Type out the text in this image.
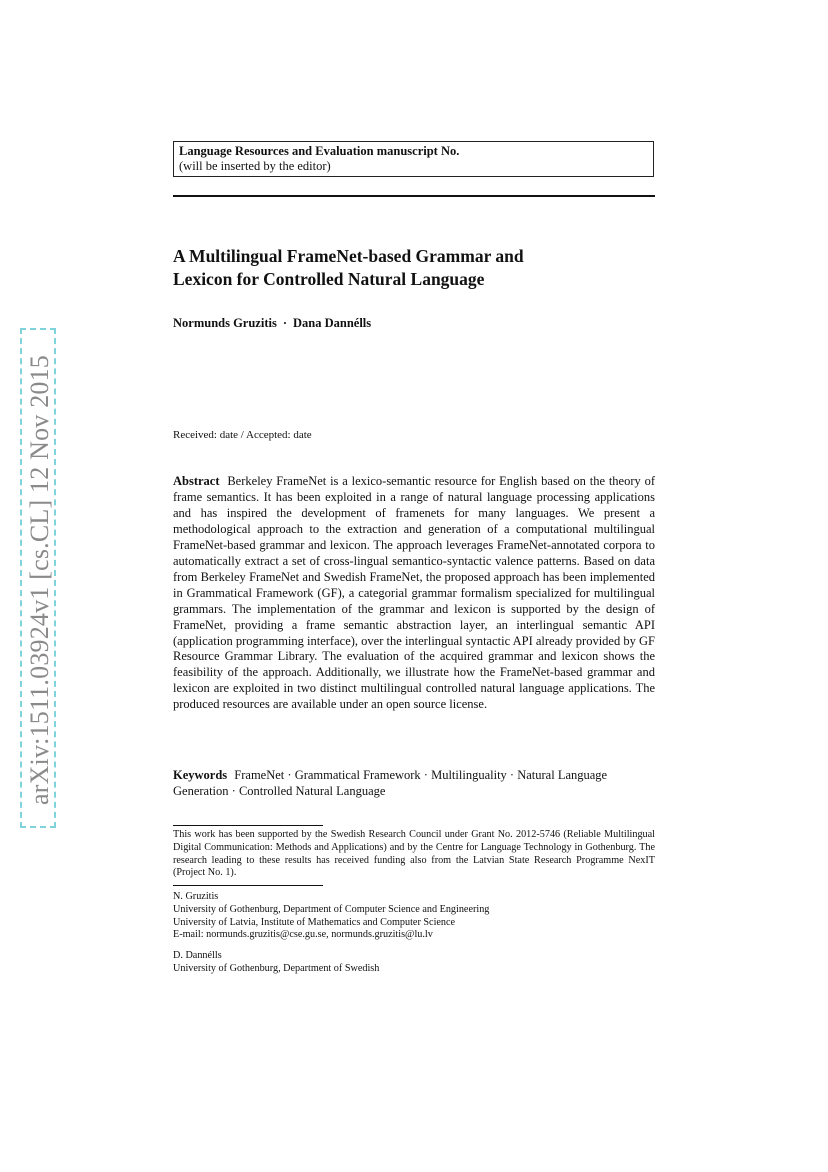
arXiv:1511.03924v1 [cs.CL] 12 Nov 2015
Language Resources and Evaluation manuscript No.
(will be inserted by the editor)
A Multilingual FrameNet-based Grammar and
Lexicon for Controlled Natural Language
Normunds Gruzitis · Dana Dannélls
Received: date / Accepted: date
Abstract Berkeley FrameNet is a lexico-semantic resource for English based on the theory of frame semantics. It has been exploited in a range of natural language processing applications and has inspired the development of framenets for many languages. We present a methodological approach to the extraction and generation of a computational multilingual FrameNet-based grammar and lexicon. The approach leverages FrameNet-annotated corpora to automatically extract a set of cross-lingual semantico-syntactic valence patterns. Based on data from Berkeley FrameNet and Swedish FrameNet, the proposed approach has been implemented in Grammatical Framework (GF), a categorial grammar formalism specialized for multilingual grammars. The implementation of the grammar and lexicon is supported by the design of FrameNet, providing a frame semantic abstraction layer, an interlingual semantic API (application programming interface), over the interlingual syntactic API already provided by GF Resource Grammar Library. The evaluation of the acquired grammar and lexicon shows the feasibility of the approach. Additionally, we illustrate how the FrameNet-based grammar and lexicon are exploited in two distinct multilingual controlled natural language applications. The produced resources are available under an open source license.
Keywords FrameNet · Grammatical Framework · Multilinguality · Natural Language Generation · Controlled Natural Language
This work has been supported by the Swedish Research Council under Grant No. 2012-5746 (Reliable Multilingual Digital Communication: Methods and Applications) and by the Centre for Language Technology in Gothenburg. The research leading to these results has received funding also from the Latvian State Research Programme NexIT (Project No. 1).
N. Gruzitis
University of Gothenburg, Department of Computer Science and Engineering
University of Latvia, Institute of Mathematics and Computer Science
E-mail: normunds.gruzitis@cse.gu.se, normunds.gruzitis@lu.lv
D. Dannélls
University of Gothenburg, Department of Swedish
